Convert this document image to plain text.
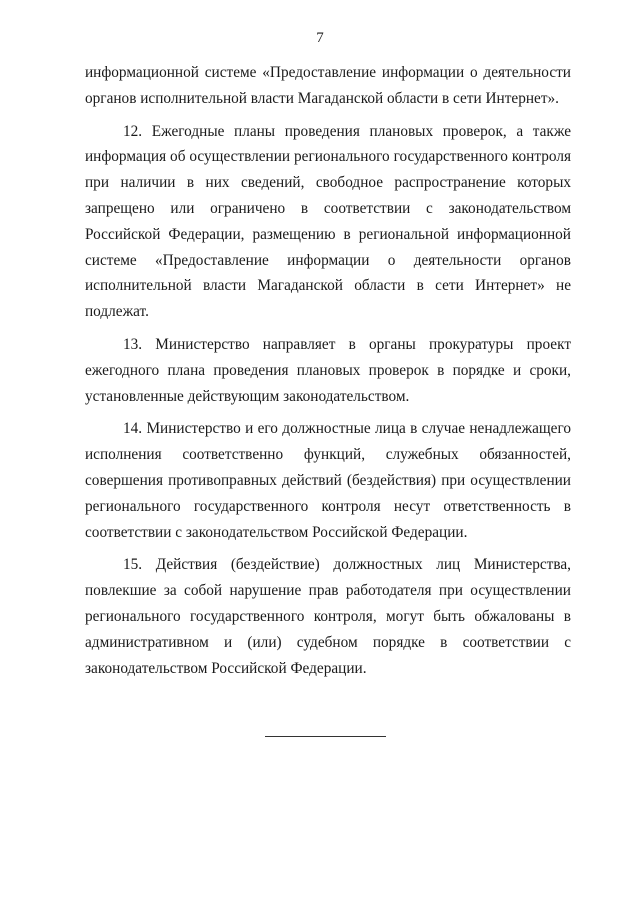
7

информационной системе «Предоставление информации о деятельности органов исполнительной власти Магаданской области в сети Интернет».

12. Ежегодные планы проведения плановых проверок, а также информация об осуществлении регионального государственного контроля при наличии в них сведений, свободное распространение которых запрещено или ограничено в соответствии с законодательством Российской Федерации, размещению в региональной информационной системе «Предоставление информации о деятельности органов исполнительной власти Магаданской области в сети Интернет» не подлежат.

13. Министерство направляет в органы прокуратуры проект ежегодного плана проведения плановых проверок в порядке и сроки, установленные действующим законодательством.

14. Министерство и его должностные лица в случае ненадлежащего исполнения соответственно функций, служебных обязанностей, совершения противоправных действий (бездействия) при осуществлении регионального государственного контроля несут ответственность в соответствии с законодательством Российской Федерации.

15. Действия (бездействие) должностных лиц Министерства, повлекшие за собой нарушение прав работодателя при осуществлении регионального государственного контроля, могут быть обжалованы в административном и (или) судебном порядке в соответствии с законодательством Российской Федерации.
